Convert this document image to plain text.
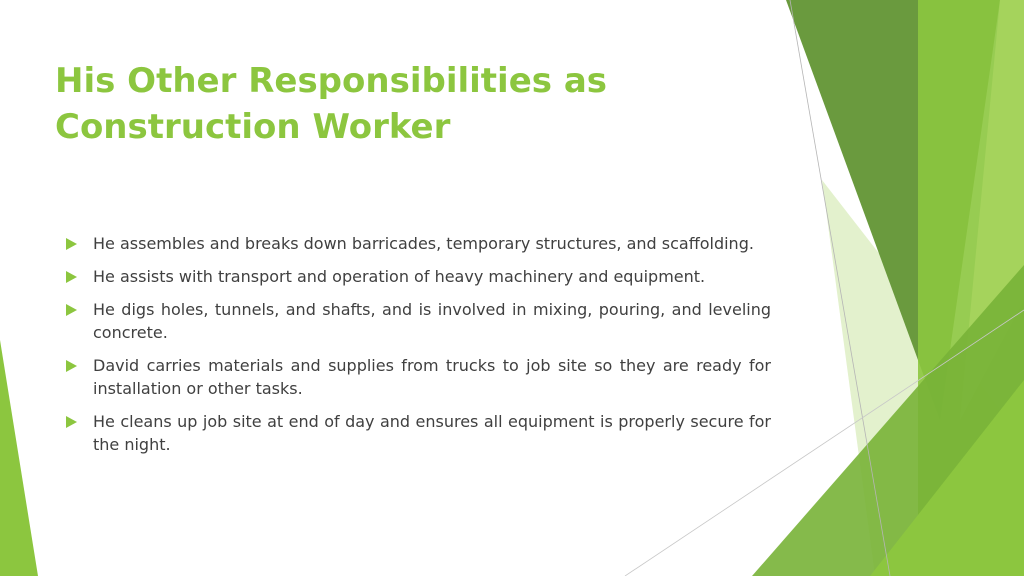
His Other Responsibilities as
Construction Worker
He assembles and breaks down barricades, temporary structures, and scaffolding.
He assists with transport and operation of heavy machinery and equipment.
He digs holes, tunnels, and shafts, and is involved in mixing, pouring, and leveling concrete.
David carries materials and supplies from trucks to job site so they are ready for installation or other tasks.
He cleans up job site at end of day and ensures all equipment is properly secure for the night.
